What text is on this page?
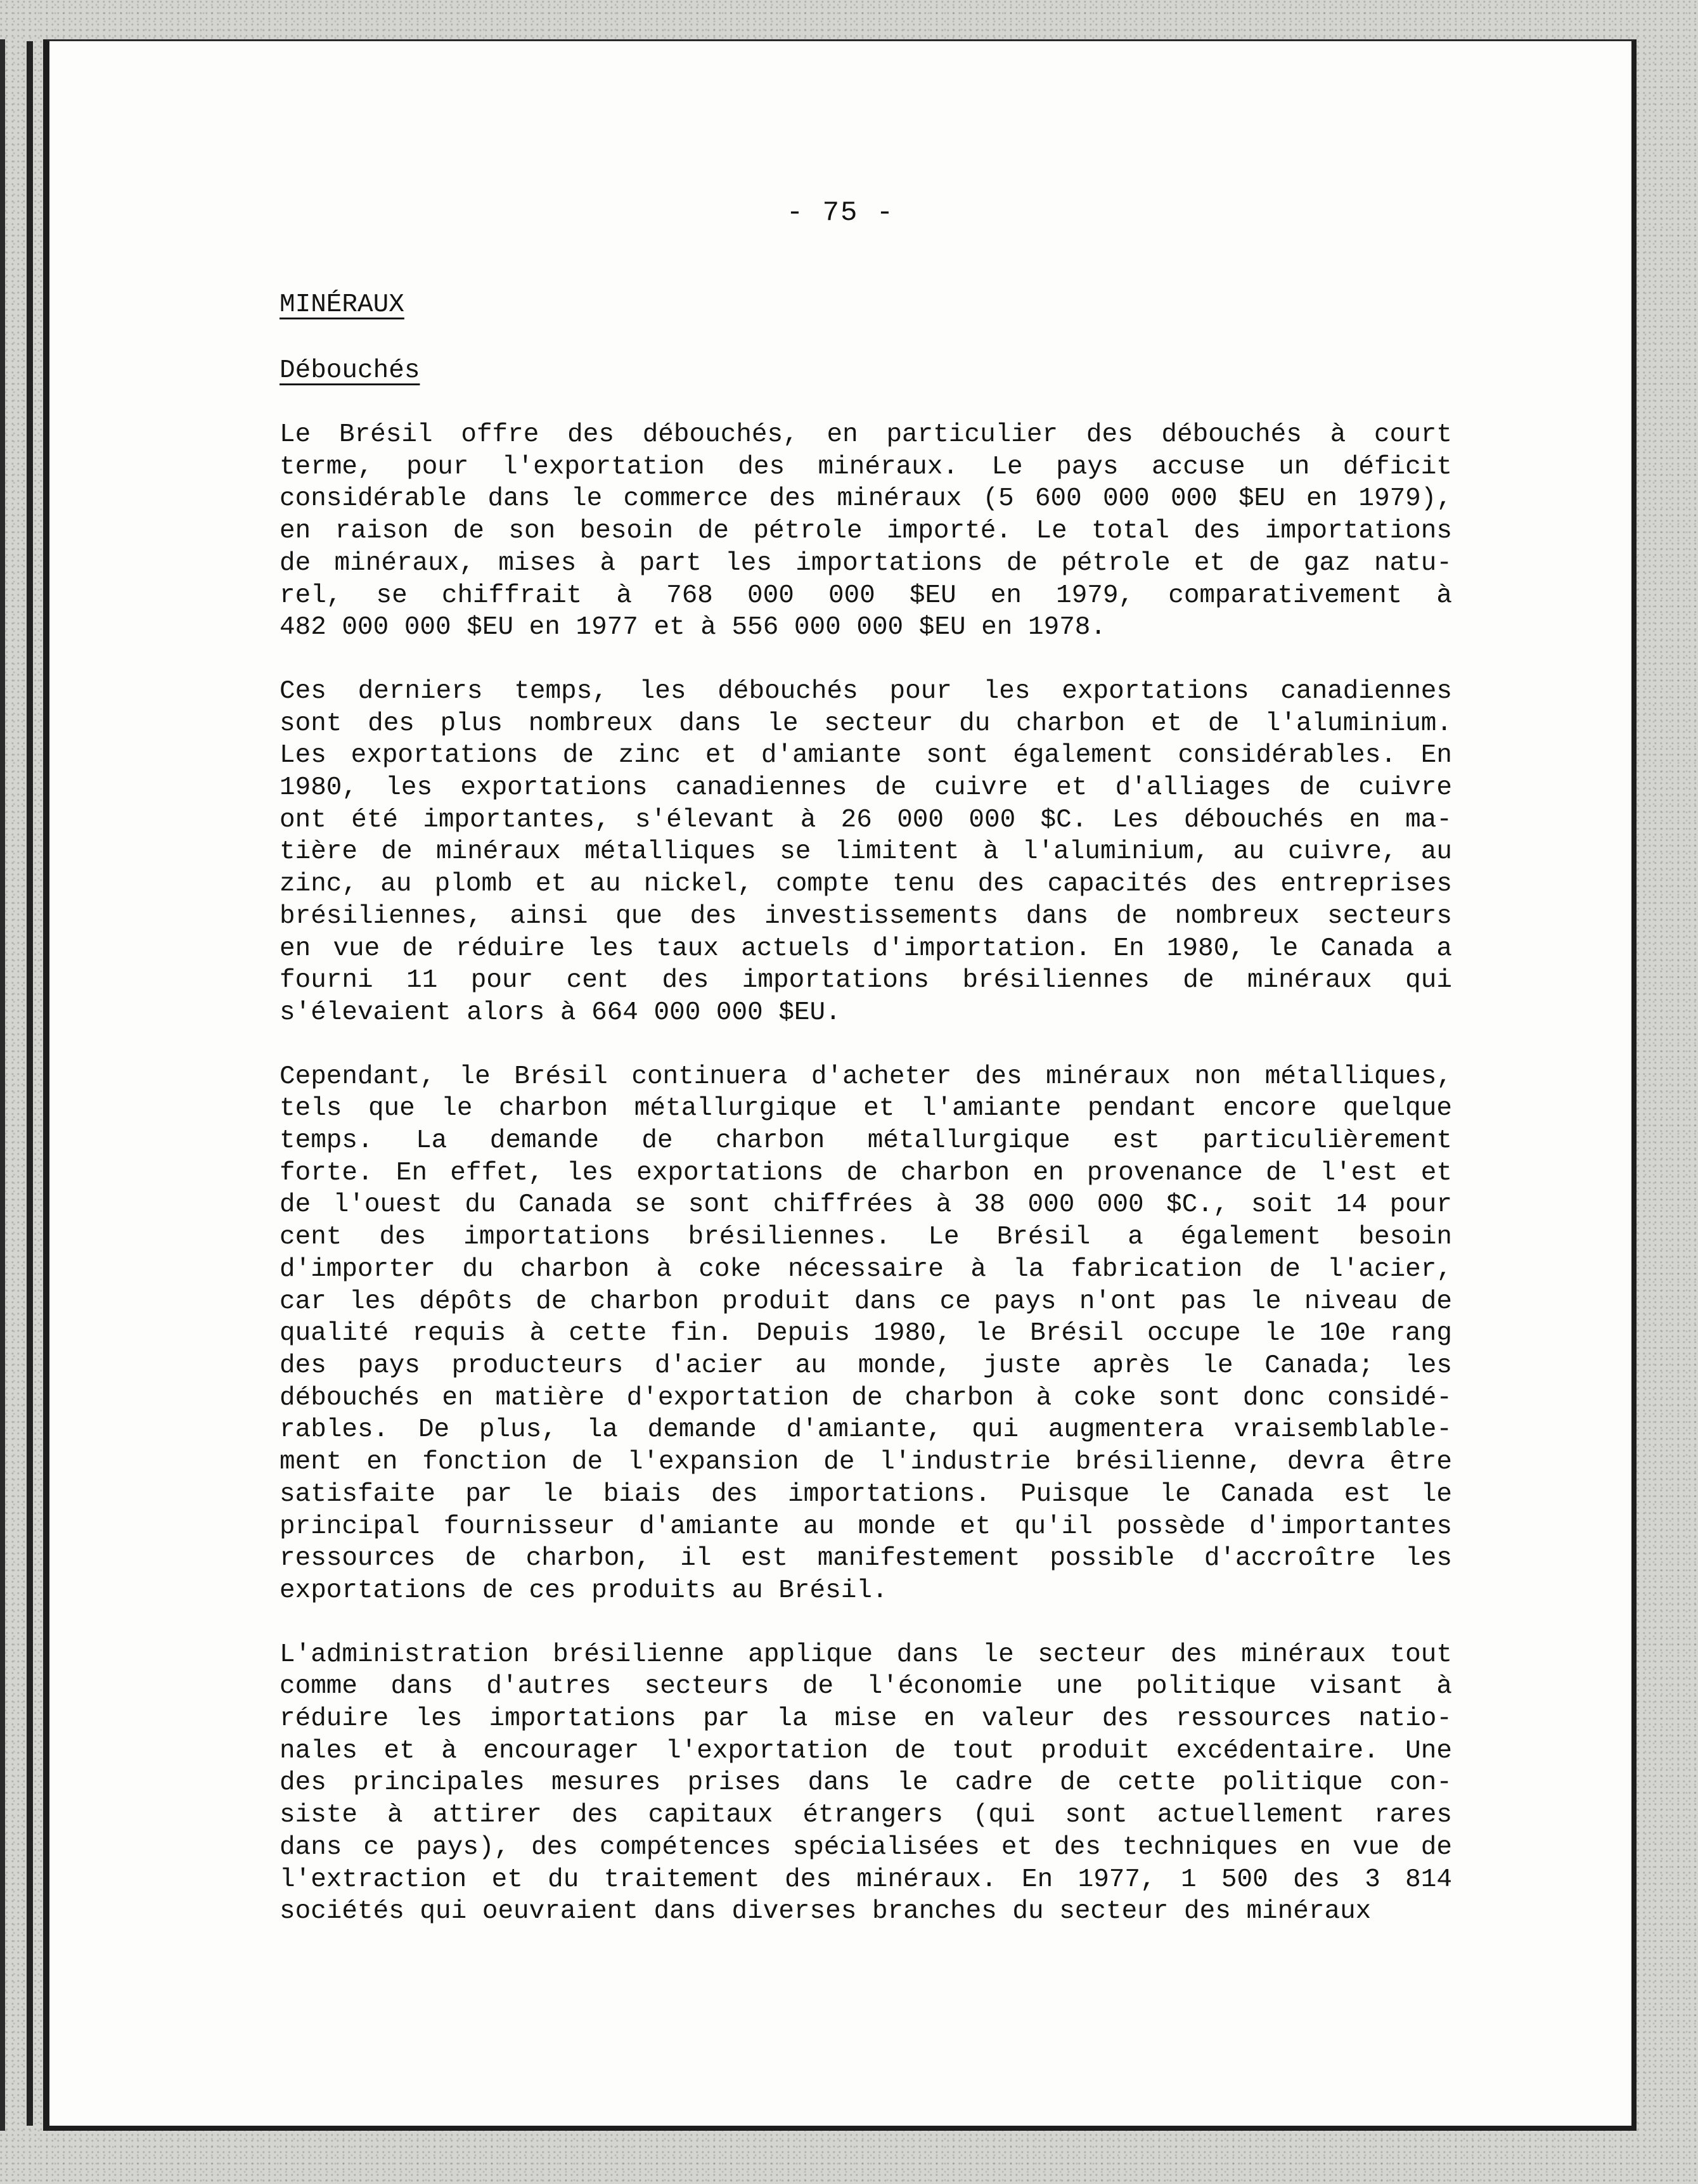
- 75 -
MINÉRAUX
Débouchés
Le Brésil offre des débouchés, en particulier des débouchés à court
terme, pour l'exportation des minéraux. Le pays accuse un déficit
considérable dans le commerce des minéraux (5 600 000 000 $EU en 1979),
en raison de son besoin de pétrole importé. Le total des importations
de minéraux, mises à part les importations de pétrole et de gaz natu-
rel, se chiffrait à 768 000 000 $EU en 1979, comparativement à
482 000 000 $EU en 1977 et à 556 000 000 $EU en 1978.
Ces derniers temps, les débouchés pour les exportations canadiennes
sont des plus nombreux dans le secteur du charbon et de l'aluminium.
Les exportations de zinc et d'amiante sont également considérables. En
1980, les exportations canadiennes de cuivre et d'alliages de cuivre
ont été importantes, s'élevant à 26 000 000 $C. Les débouchés en ma-
tière de minéraux métalliques se limitent à l'aluminium, au cuivre, au
zinc, au plomb et au nickel, compte tenu des capacités des entreprises
brésiliennes, ainsi que des investissements dans de nombreux secteurs
en vue de réduire les taux actuels d'importation. En 1980, le Canada a
fourni 11 pour cent des importations brésiliennes de minéraux qui
s'élevaient alors à 664 000 000 $EU.
Cependant, le Brésil continuera d'acheter des minéraux non métalliques,
tels que le charbon métallurgique et l'amiante pendant encore quelque
temps. La demande de charbon métallurgique est particulièrement
forte. En effet, les exportations de charbon en provenance de l'est et
de l'ouest du Canada se sont chiffrées à 38 000 000 $C., soit 14 pour
cent des importations brésiliennes. Le Brésil a également besoin
d'importer du charbon à coke nécessaire à la fabrication de l'acier,
car les dépôts de charbon produit dans ce pays n'ont pas le niveau de
qualité requis à cette fin. Depuis 1980, le Brésil occupe le 10e rang
des pays producteurs d'acier au monde, juste après le Canada; les
débouchés en matière d'exportation de charbon à coke sont donc considé-
rables. De plus, la demande d'amiante, qui augmentera vraisemblable-
ment en fonction de l'expansion de l'industrie brésilienne, devra être
satisfaite par le biais des importations. Puisque le Canada est le
principal fournisseur d'amiante au monde et qu'il possède d'importantes
ressources de charbon, il est manifestement possible d'accroître les
exportations de ces produits au Brésil.
L'administration brésilienne applique dans le secteur des minéraux tout
comme dans d'autres secteurs de l'économie une politique visant à
réduire les importations par la mise en valeur des ressources natio-
nales et à encourager l'exportation de tout produit excédentaire. Une
des principales mesures prises dans le cadre de cette politique con-
siste à attirer des capitaux étrangers (qui sont actuellement rares
dans ce pays), des compétences spécialisées et des techniques en vue de
l'extraction et du traitement des minéraux. En 1977, 1 500 des 3 814
sociétés qui oeuvraient dans diverses branches du secteur des minéraux
